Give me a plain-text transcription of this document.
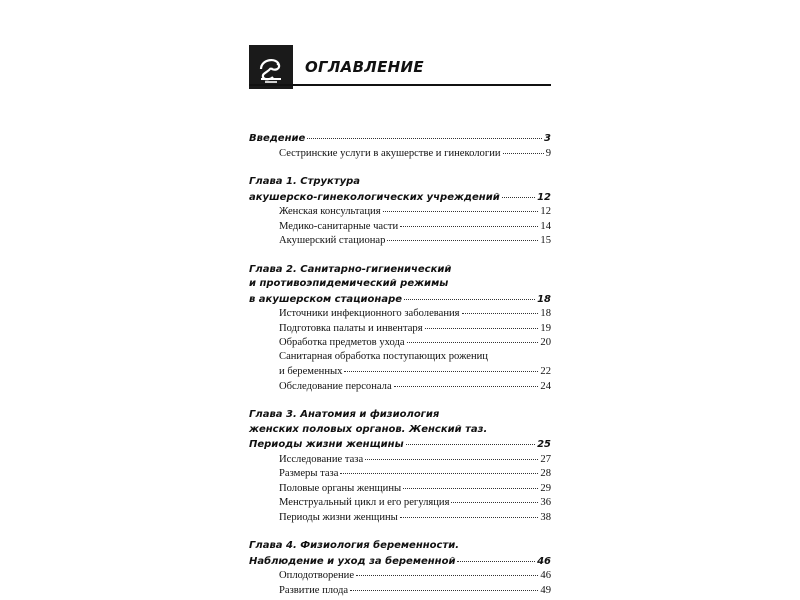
ОГЛАВЛЕНИЕ
Введение	3
Сестринские услуги в акушерстве и гинекологии	9
Глава 1. Структура
акушерско-гинекологических учреждений	12
Женская консультация	12
Медико-санитарные части	14
Акушерский стационар	15
Глава 2. Санитарно-гигиенический
и противоэпидемический режимы
в акушерском стационаре	18
Источники инфекционного заболевания	18
Подготовка палаты и инвентаря	19
Обработка предметов ухода	20
Санитарная обработка поступающих рожениц
и беременных	22
Обследование персонала	24
Глава 3. Анатомия и физиология
женских половых органов. Женский таз.
Периоды жизни женщины	25
Исследование таза	27
Размеры таза	28
Половые органы женщины	29
Менструальный цикл и его регуляция	36
Периоды жизни женщины	38
Глава 4. Физиология беременности.
Наблюдение и уход за беременной	46
Оплодотворение	46
Развитие плода	49
